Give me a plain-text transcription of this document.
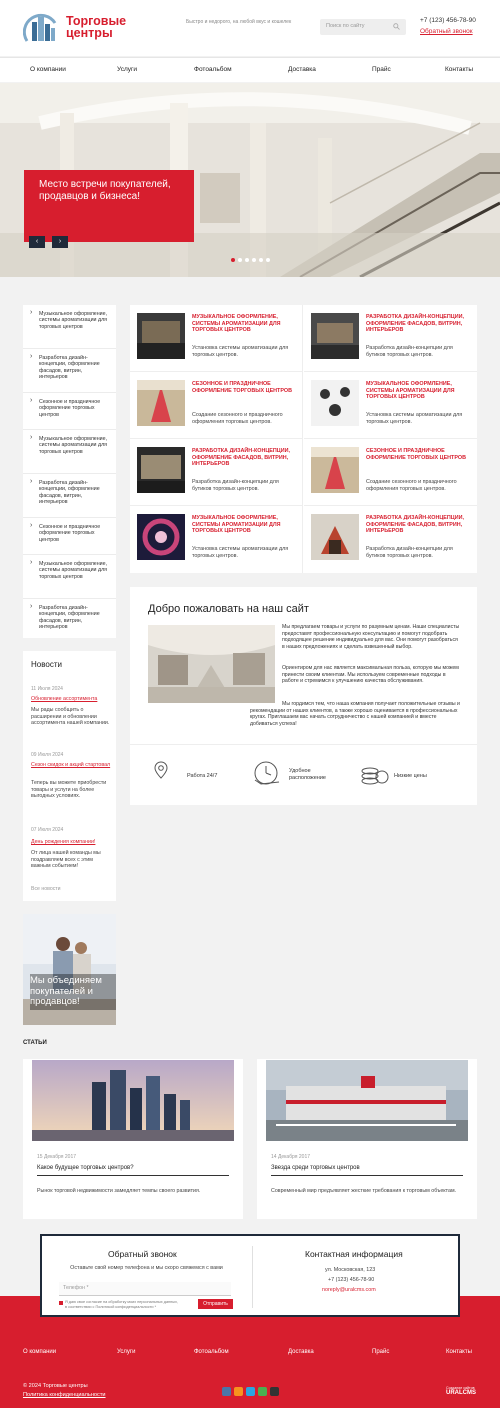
Торговые
центры
Быстро и недорого, на любой вкус и кошелек
Поиск по сайту
+7 (123) 456-78-90
Обратный звонок
О компании	Услуги	Фотоальбом	Доставка	Прайс	Контакты
Место встречи покупателей, продавцов и бизнеса!
‹	›
› Музыкальное оформление, системы ароматизации для торговых центров
› Разработка дизайн-концепции, оформление фасадов, витрин, интерьеров
› Сезонное и праздничное оформление торговых центров
› Музыкальное оформление, системы ароматизации для торговых центров
› Разработка дизайн-концепции, оформление фасадов, витрин, интерьеров
› Сезонное и праздничное оформление торговых центров
› Музыкальное оформление, системы ароматизации для торговых центров
› Разработка дизайн-концепции, оформление фасадов, витрин, интерьеров
Новости
11 Июля 2024
Обновление ассортимента
Мы рады сообщить о расширении и обновлении ассортимента нашей компании.
09 Июля 2024
Сезон скидок и акций стартовал
Теперь вы можете приобрести товары и услуги на более выгодных условиях.
07 Июля 2024
День рождения компании!
От лица нашей команды мы поздравляем всех с этим важным событием!
Все новости
Мы объединяем покупателей и продавцов!
МУЗЫКАЛЬНОЕ ОФОРМЛЕНИЕ, СИСТЕМЫ АРОМАТИЗАЦИИ ДЛЯ ТОРГОВЫХ ЦЕНТРОВ
Установка системы ароматизации для торговых центров.
РАЗРАБОТКА ДИЗАЙН-КОНЦЕПЦИИ, ОФОРМЛЕНИЕ ФАСАДОВ, ВИТРИН, ИНТЕРЬЕРОВ
Разработка дизайн-концепции для бутиков торговых центров.
СЕЗОННОЕ И ПРАЗДНИЧНОЕ ОФОРМЛЕНИЕ ТОРГОВЫХ ЦЕНТРОВ
Создание сезонного и праздничного оформления торговых центров.
МУЗЫКАЛЬНОЕ ОФОРМЛЕНИЕ, СИСТЕМЫ АРОМАТИЗАЦИИ ДЛЯ ТОРГОВЫХ ЦЕНТРОВ
Установка системы ароматизации для торговых центров.
РАЗРАБОТКА ДИЗАЙН-КОНЦЕПЦИИ, ОФОРМЛЕНИЕ ФАСАДОВ, ВИТРИН, ИНТЕРЬЕРОВ
Разработка дизайн-концепции для бутиков торговых центров.
СЕЗОННОЕ И ПРАЗДНИЧНОЕ ОФОРМЛЕНИЕ ТОРГОВЫХ ЦЕНТРОВ
Создание сезонного и праздничного оформления торговых центров.
МУЗЫКАЛЬНОЕ ОФОРМЛЕНИЕ, СИСТЕМЫ АРОМАТИЗАЦИИ ДЛЯ ТОРГОВЫХ ЦЕНТРОВ
Установка системы ароматизации для торговых центров.
РАЗРАБОТКА ДИЗАЙН-КОНЦЕПЦИИ, ОФОРМЛЕНИЕ ФАСАДОВ, ВИТРИН, ИНТЕРЬЕРОВ
Разработка дизайн-концепции для бутиков торговых центров.
Добро пожаловать на наш сайт
Мы предлагаем товары и услуги по разумным ценам. Наши специалисты предоставят профессиональную консультацию и помогут подобрать подходящее решение индивидуально для вас. Они помогут разобраться в наших предложениях и сделать взвешенный выбор.
Ориентиром для нас является максимальная польза, которую мы можем принести своим клиентам. Мы используем современные подходы в работе и стремимся к улучшению качества обслуживания.
Мы гордимся тем, что наша компания получает положительные отзывы и рекомендации от наших клиентов, а также хорошо оценивается в профессиональных кругах. Приглашаем вас начать сотрудничество с нашей компанией и вместе добиваться успеха!
Работа 24/7
Удобное расположение	Низкие цены
СТАТЬИ
15 Декабря 2017
Какое будущее торговых центров?
Рынок торговой недвижимости замедляет темпы своего развития.
14 Декабря 2017
Звезда среди торговых центров
Современный мир предъявляет жесткие требования к торговым объектам.
Обратный звонок
Оставьте свой номер телефона и мы скоро свяжемся с вами
Телефон *
Я даю свое согласие на обработку моих персональных данных, в соответствии с Политикой конфиденциальности *	Отправить
Контактная информация
ул. Московская, 123
+7 (123) 456-78-90
noreply@uralcms.com
О компании	Услуги	Фотоальбом	Доставка	Прайс	Контакты
© 2024 Торговые центры
Политика конфиденциальности
Создание сайтов
URALCMS
